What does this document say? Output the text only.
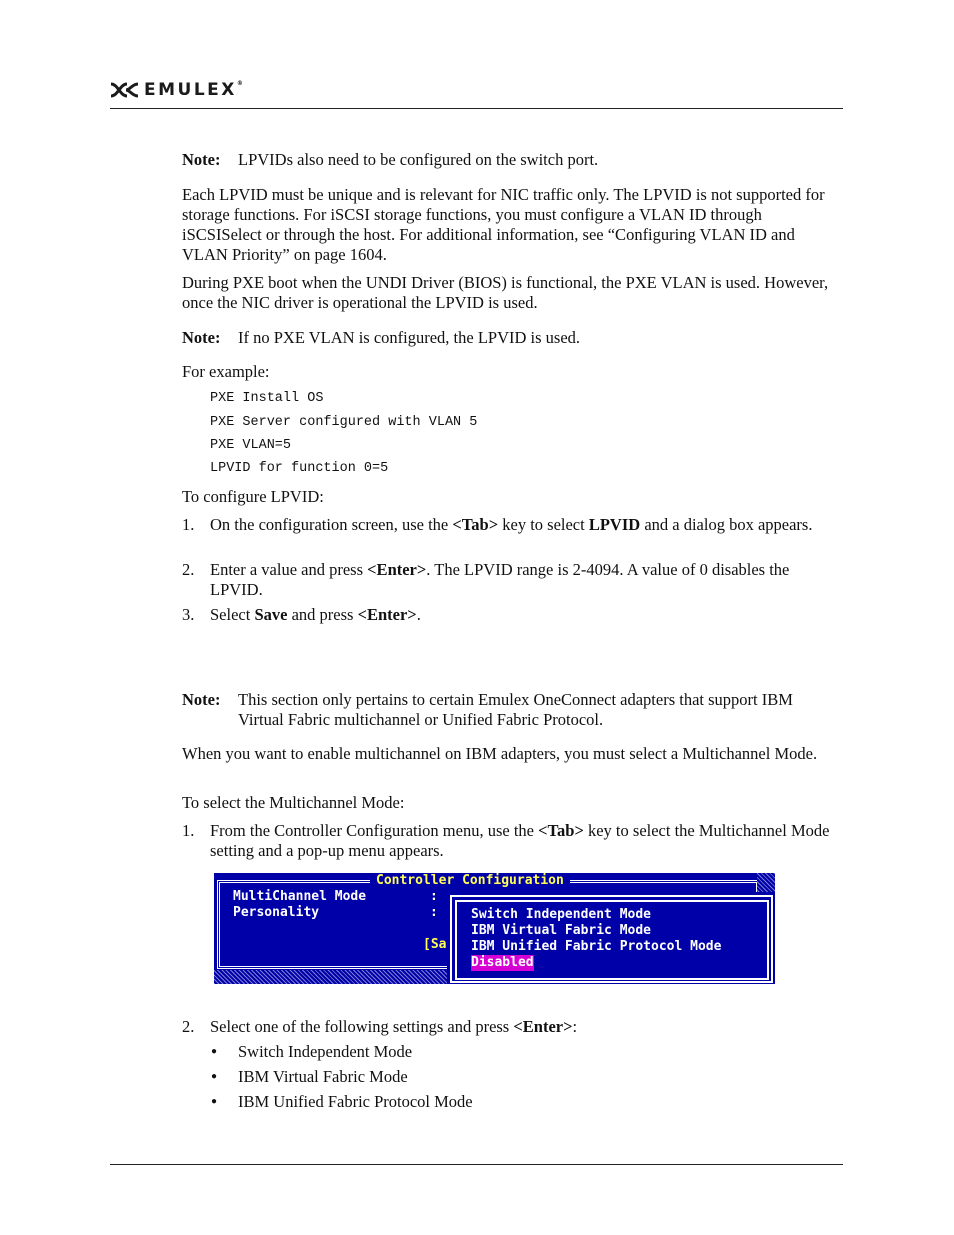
EMULEX®
Note: LPVIDs also need to be configured on the switch port.

Each LPVID must be unique and is relevant for NIC traffic only. The LPVID is not supported for storage functions. For iSCSI storage functions, you must configure a VLAN ID through iSCSISelect or through the host. For additional information, see “Configuring VLAN ID and VLAN Priority” on page 1604.

During PXE boot when the UNDI Driver (BIOS) is functional, the PXE VLAN is used. However, once the NIC driver is operational the LPVID is used.

Note: If no PXE VLAN is configured, the LPVID is used.

For example:

PXE Install OS
PXE Server configured with VLAN 5
PXE VLAN=5
LPVID for function 0=5

To configure LPVID:

1. On the configuration screen, use the <Tab> key to select LPVID and a dialog box appears.
2. Enter a value and press <Enter>. The LPVID range is 2-4094. A value of 0 disables the LPVID.
3. Select Save and press <Enter>.
Note: This section only pertains to certain Emulex OneConnect adapters that support IBM Virtual Fabric multichannel or Unified Fabric Protocol.

When you want to enable multichannel on IBM adapters, you must select a Multichannel Mode.

To select the Multichannel Mode:

1. From the Controller Configuration menu, use the <Tab> key to select the Multichannel Mode setting and a pop-up menu appears.
Controller Configuration
MultiChannel Mode	:
Personality	:
[Sa
Switch Independent Mode
IBM Virtual Fabric Mode
IBM Unified Fabric Protocol Mode
Disabled
2. Select one of the following settings and press <Enter>:
● Switch Independent Mode
● IBM Virtual Fabric Mode
● IBM Unified Fabric Protocol Mode
